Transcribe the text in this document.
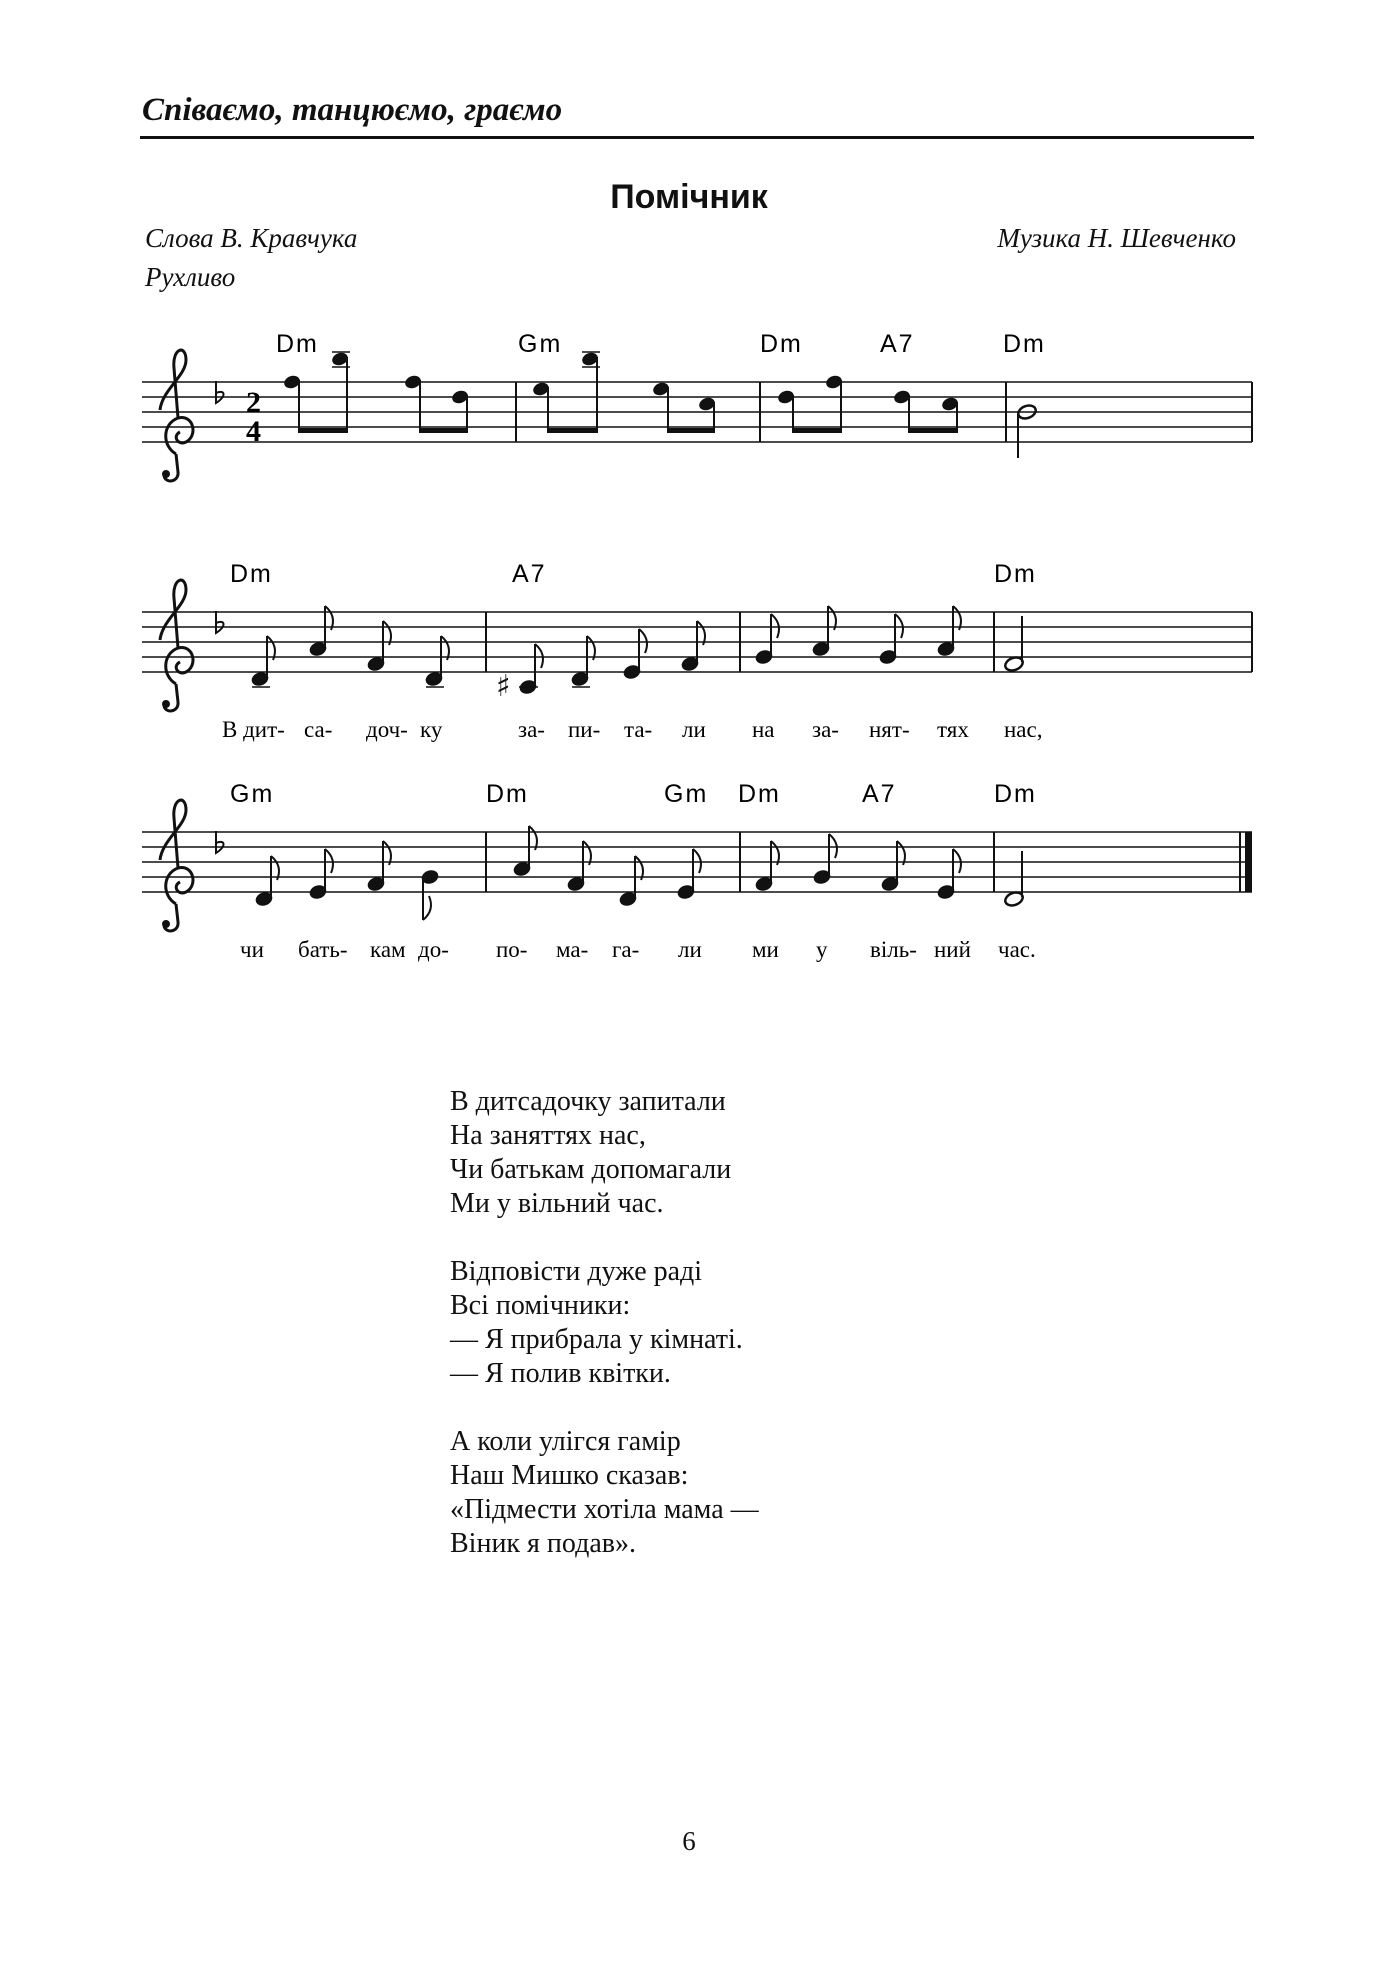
Співаємо, танцюємо, граємо
Помічник
Слова В. Кравчука	Музика Н. Шевченко
Рухливо
2
4
Dm	Gm	Dm	A7	Dm
♯
Dm	A7	Dm
В дит- са- доч- ку	за- пи- та- ли на за- нят- тях нас,
Gm	Dm	Gm Dm	A7	Dm
чи бать- кам до- по- ма- га- ли ми у віль- ний час.
В дитсадочку запитали
На заняттях нас,
Чи батькам допомагали
Ми у вільний час.
Відповісти дуже раді
Всі помічники:
— Я прибрала у кімнаті.
— Я полив квітки.
А коли улігся гамір
Наш Мишко сказав:
«Підмести хотіла мама —
Віник я подав».
6
